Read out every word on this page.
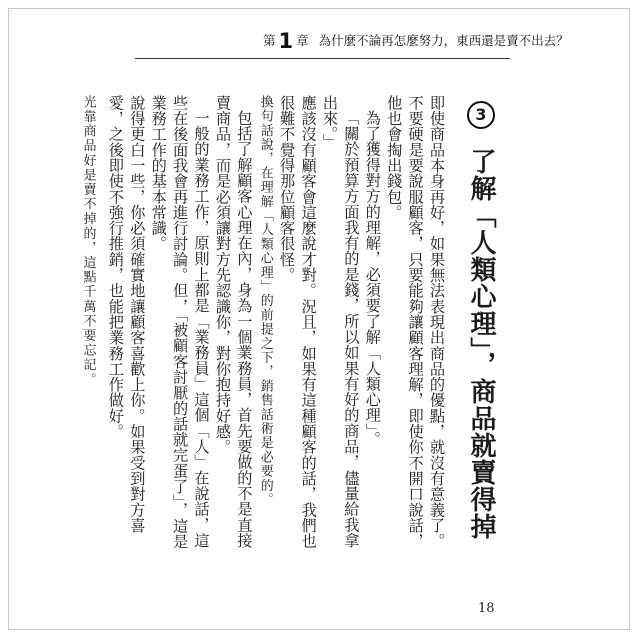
第 1 章 為什麼不論再怎麼努力，東西還是賣不出去？
3
了解「人類心理」，商品就賣得掉

即使商品本身再好，如果無法表現出商品的優點，就沒有意義了。不要硬是要說服顧客，只要能夠讓顧客理解，即使你不開口說話，他也會掏出錢包。

為了獲得對方的理解，必須要了解「人類心理」。

「關於預算方面我有的是錢，所以如果有好的商品，儘量給我拿出來。」

應該沒有顧客會這麼說才對。況且，如果有這種顧客的話，我們也很難不覺得那位顧客很怪。

換句話說，在理解「人類心理」的前提之下，銷售話術是必要的。

包括了解顧客心理在內，身為一個業務員，首先要做的不是直接賣商品，而是必須讓對方先認識你，對你抱持好感。

一般的業務工作，原則上都是「業務員」這個「人」在說話，這些在後面我會再進行討論。但，「被顧客討厭的話就完蛋了」，這是業務工作的基本常識。

說得更白一些，你必須確實地讓顧客喜歡上你。如果受到對方喜愛，之後即使不強行推銷，也能把業務工作做好。

光靠商品好是賣不掉的，這點千萬不要忘記。

18
